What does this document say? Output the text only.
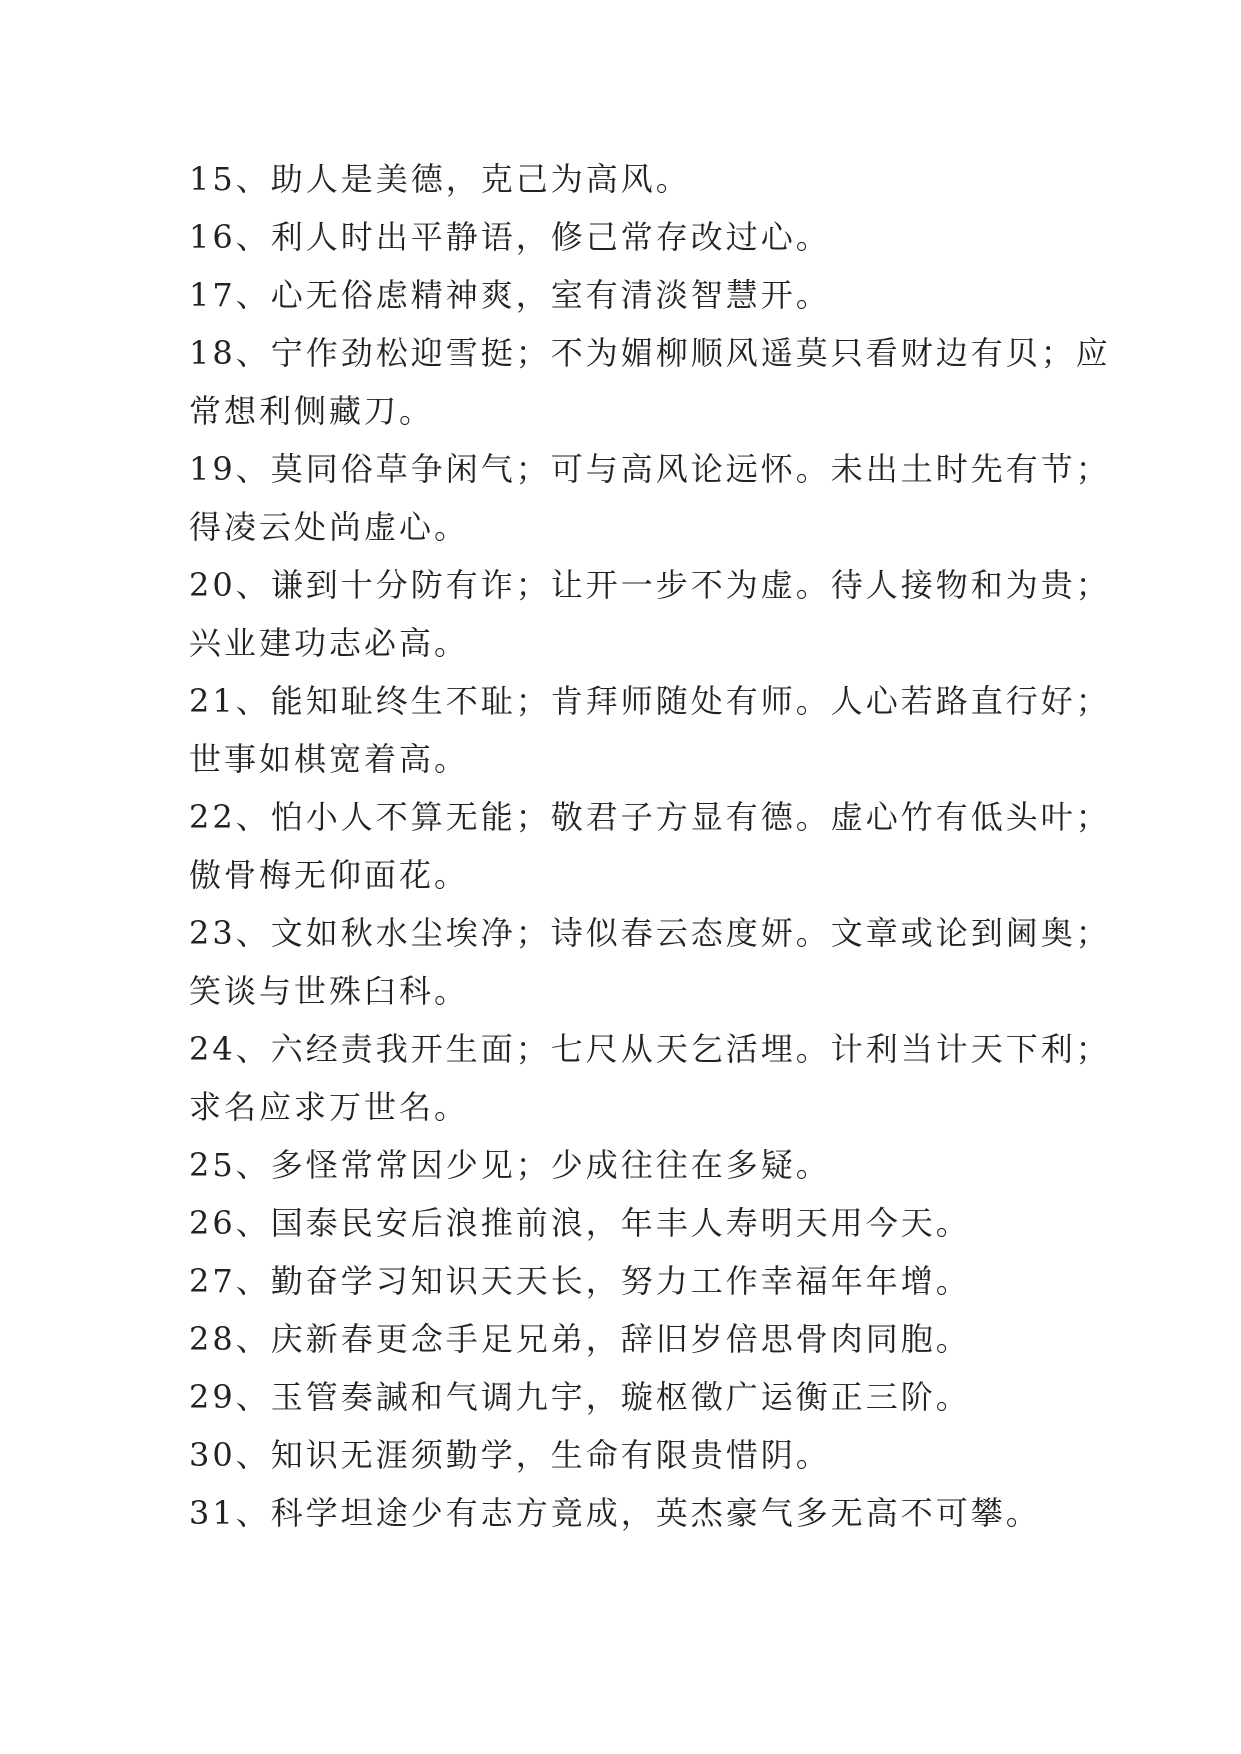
15、助人是美德，克己为高风。
16、利人时出平静语，修己常存改过心。
17、心无俗虑精神爽，室有清淡智慧开。
18、宁作劲松迎雪挺；不为媚柳顺风遥莫只看财边有贝；应
常想利侧藏刀。
19、莫同俗草争闲气；可与高风论远怀。未出土时先有节；
得凌云处尚虚心。
20、谦到十分防有诈；让开一步不为虚。待人接物和为贵；
兴业建功志必高。
21、能知耻终生不耻；肯拜师随处有师。人心若路直行好；
世事如棋宽着高。
22、怕小人不算无能；敬君子方显有德。虚心竹有低头叶；
傲骨梅无仰面花。
23、文如秋水尘埃净；诗似春云态度妍。文章或论到阃奥；
笑谈与世殊臼科。
24、六经责我开生面；七尺从天乞活埋。计利当计天下利；
求名应求万世名。
25、多怪常常因少见；少成往往在多疑。
26、国泰民安后浪推前浪，年丰人寿明天用今天。
27、勤奋学习知识天天长，努力工作幸福年年增。
28、庆新春更念手足兄弟，辞旧岁倍思骨肉同胞。
29、玉管奏諴和气调九宇，璇枢徵广运衡正三阶。
30、知识无涯须勤学，生命有限贵惜阴。
31、科学坦途少有志方竟成，英杰豪气多无高不可攀。
